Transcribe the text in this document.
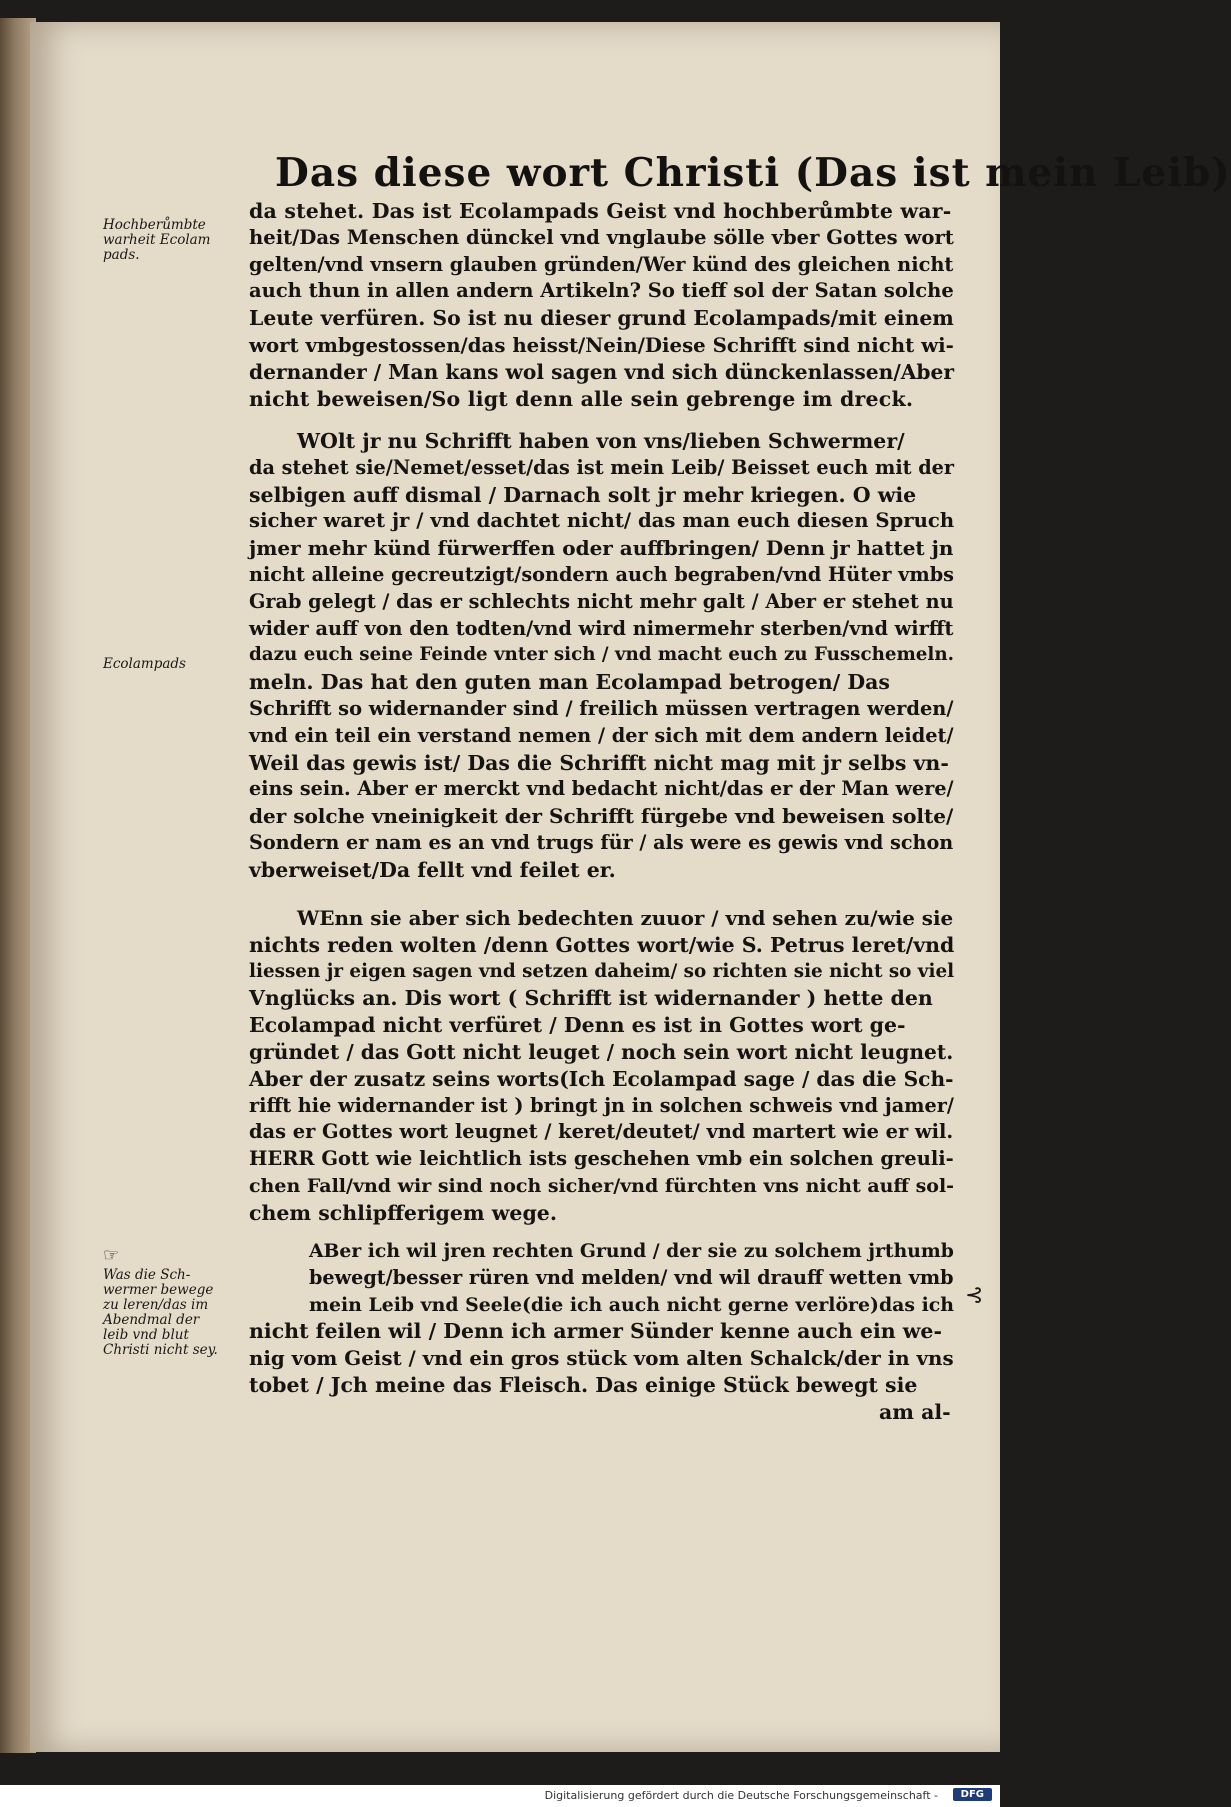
Das diese wort Christi (Das ist mein Leib)
Hochberůmbte
warheit Ecolam
pads.
Ecolampads
☞
Was die Sch-
wermer bewege
zu leren/das im
Abendmal der
leib vnd blut
Christi nicht sey.
da stehet. Das ist Ecolampads Geist vnd hochberůmbte war-
heit/Das Menschen dünckel vnd vnglaube sölle vber Gottes wort
gelten/vnd vnsern glauben gründen/Wer künd des gleichen nicht
auch thun in allen andern Artikeln? So tieff sol der Satan solche
Leute verfüren. So ist nu dieser grund Ecolampads/mit einem
wort vmbgestossen/das heisst/Nein/Diese Schrifft sind nicht wi-
dernander / Man kans wol sagen vnd sich dünckenlassen/Aber
nicht beweisen/So ligt denn alle sein gebrenge im dreck.
WOlt jr nu Schrifft haben von vns/lieben Schwermer/
da stehet sie/Nemet/esset/das ist mein Leib/ Beisset euch mit der
selbigen auff dismal / Darnach solt jr mehr kriegen. O wie
sicher waret jr / vnd dachtet nicht/ das man euch diesen Spruch
jmer mehr künd fürwerffen oder auffbringen/ Denn jr hattet jn
nicht alleine gecreutzigt/sondern auch begraben/vnd Hüter vmbs
Grab gelegt / das er schlechts nicht mehr galt / Aber er stehet nu
wider auff von den todten/vnd wird nimermehr sterben/vnd wirfft
dazu euch seine Feinde vnter sich / vnd macht euch zu Fusschemeln.
meln. Das hat den guten man Ecolampad betrogen/ Das
Schrifft so widernander sind / freilich müssen vertragen werden/
vnd ein teil ein verstand nemen / der sich mit dem andern leidet/
Weil das gewis ist/ Das die Schrifft nicht mag mit jr selbs vn-
eins sein. Aber er merckt vnd bedacht nicht/das er der Man were/
der solche vneinigkeit der Schrifft fürgebe vnd beweisen solte/
Sondern er nam es an vnd trugs für / als were es gewis vnd schon
vberweiset/Da fellt vnd feilet er.
WEnn sie aber sich bedechten zuuor / vnd sehen zu/wie sie
nichts reden wolten /denn Gottes wort/wie S. Petrus leret/vnd
liessen jr eigen sagen vnd setzen daheim/ so richten sie nicht so viel
Vnglücks an. Dis wort ( Schrifft ist widernander ) hette den
Ecolampad nicht verfüret / Denn es ist in Gottes wort ge-
gründet / das Gott nicht leuget / noch sein wort nicht leugnet.
Aber der zusatz seins worts(Ich Ecolampad sage / das die Sch-
rifft hie widernander ist ) bringt jn in solchen schweis vnd jamer/
das er Gottes wort leugnet / keret/deutet/ vnd martert wie er wil.
HERR Gott wie leichtlich ists geschehen vmb ein solchen greuli-
chen Fall/vnd wir sind noch sicher/vnd fürchten vns nicht auff sol-
chem schlipfferigem wege.
ABer ich wil jren rechten Grund / der sie zu solchem jrthumb
bewegt/besser rüren vnd melden/ vnd wil drauff wetten vmb
mein Leib vnd Seele(die ich auch nicht gerne verlöre)das ich
nicht feilen wil / Denn ich armer Sünder kenne auch ein we-
nig vom Geist / vnd ein gros stück vom alten Schalck/der in vns
tobet / Jch meine das Fleisch. Das einige Stück bewegt sie
am al-
⊰
Digitalisierung gefördert durch die Deutsche Forschungsgemeinschaft -	DFG
